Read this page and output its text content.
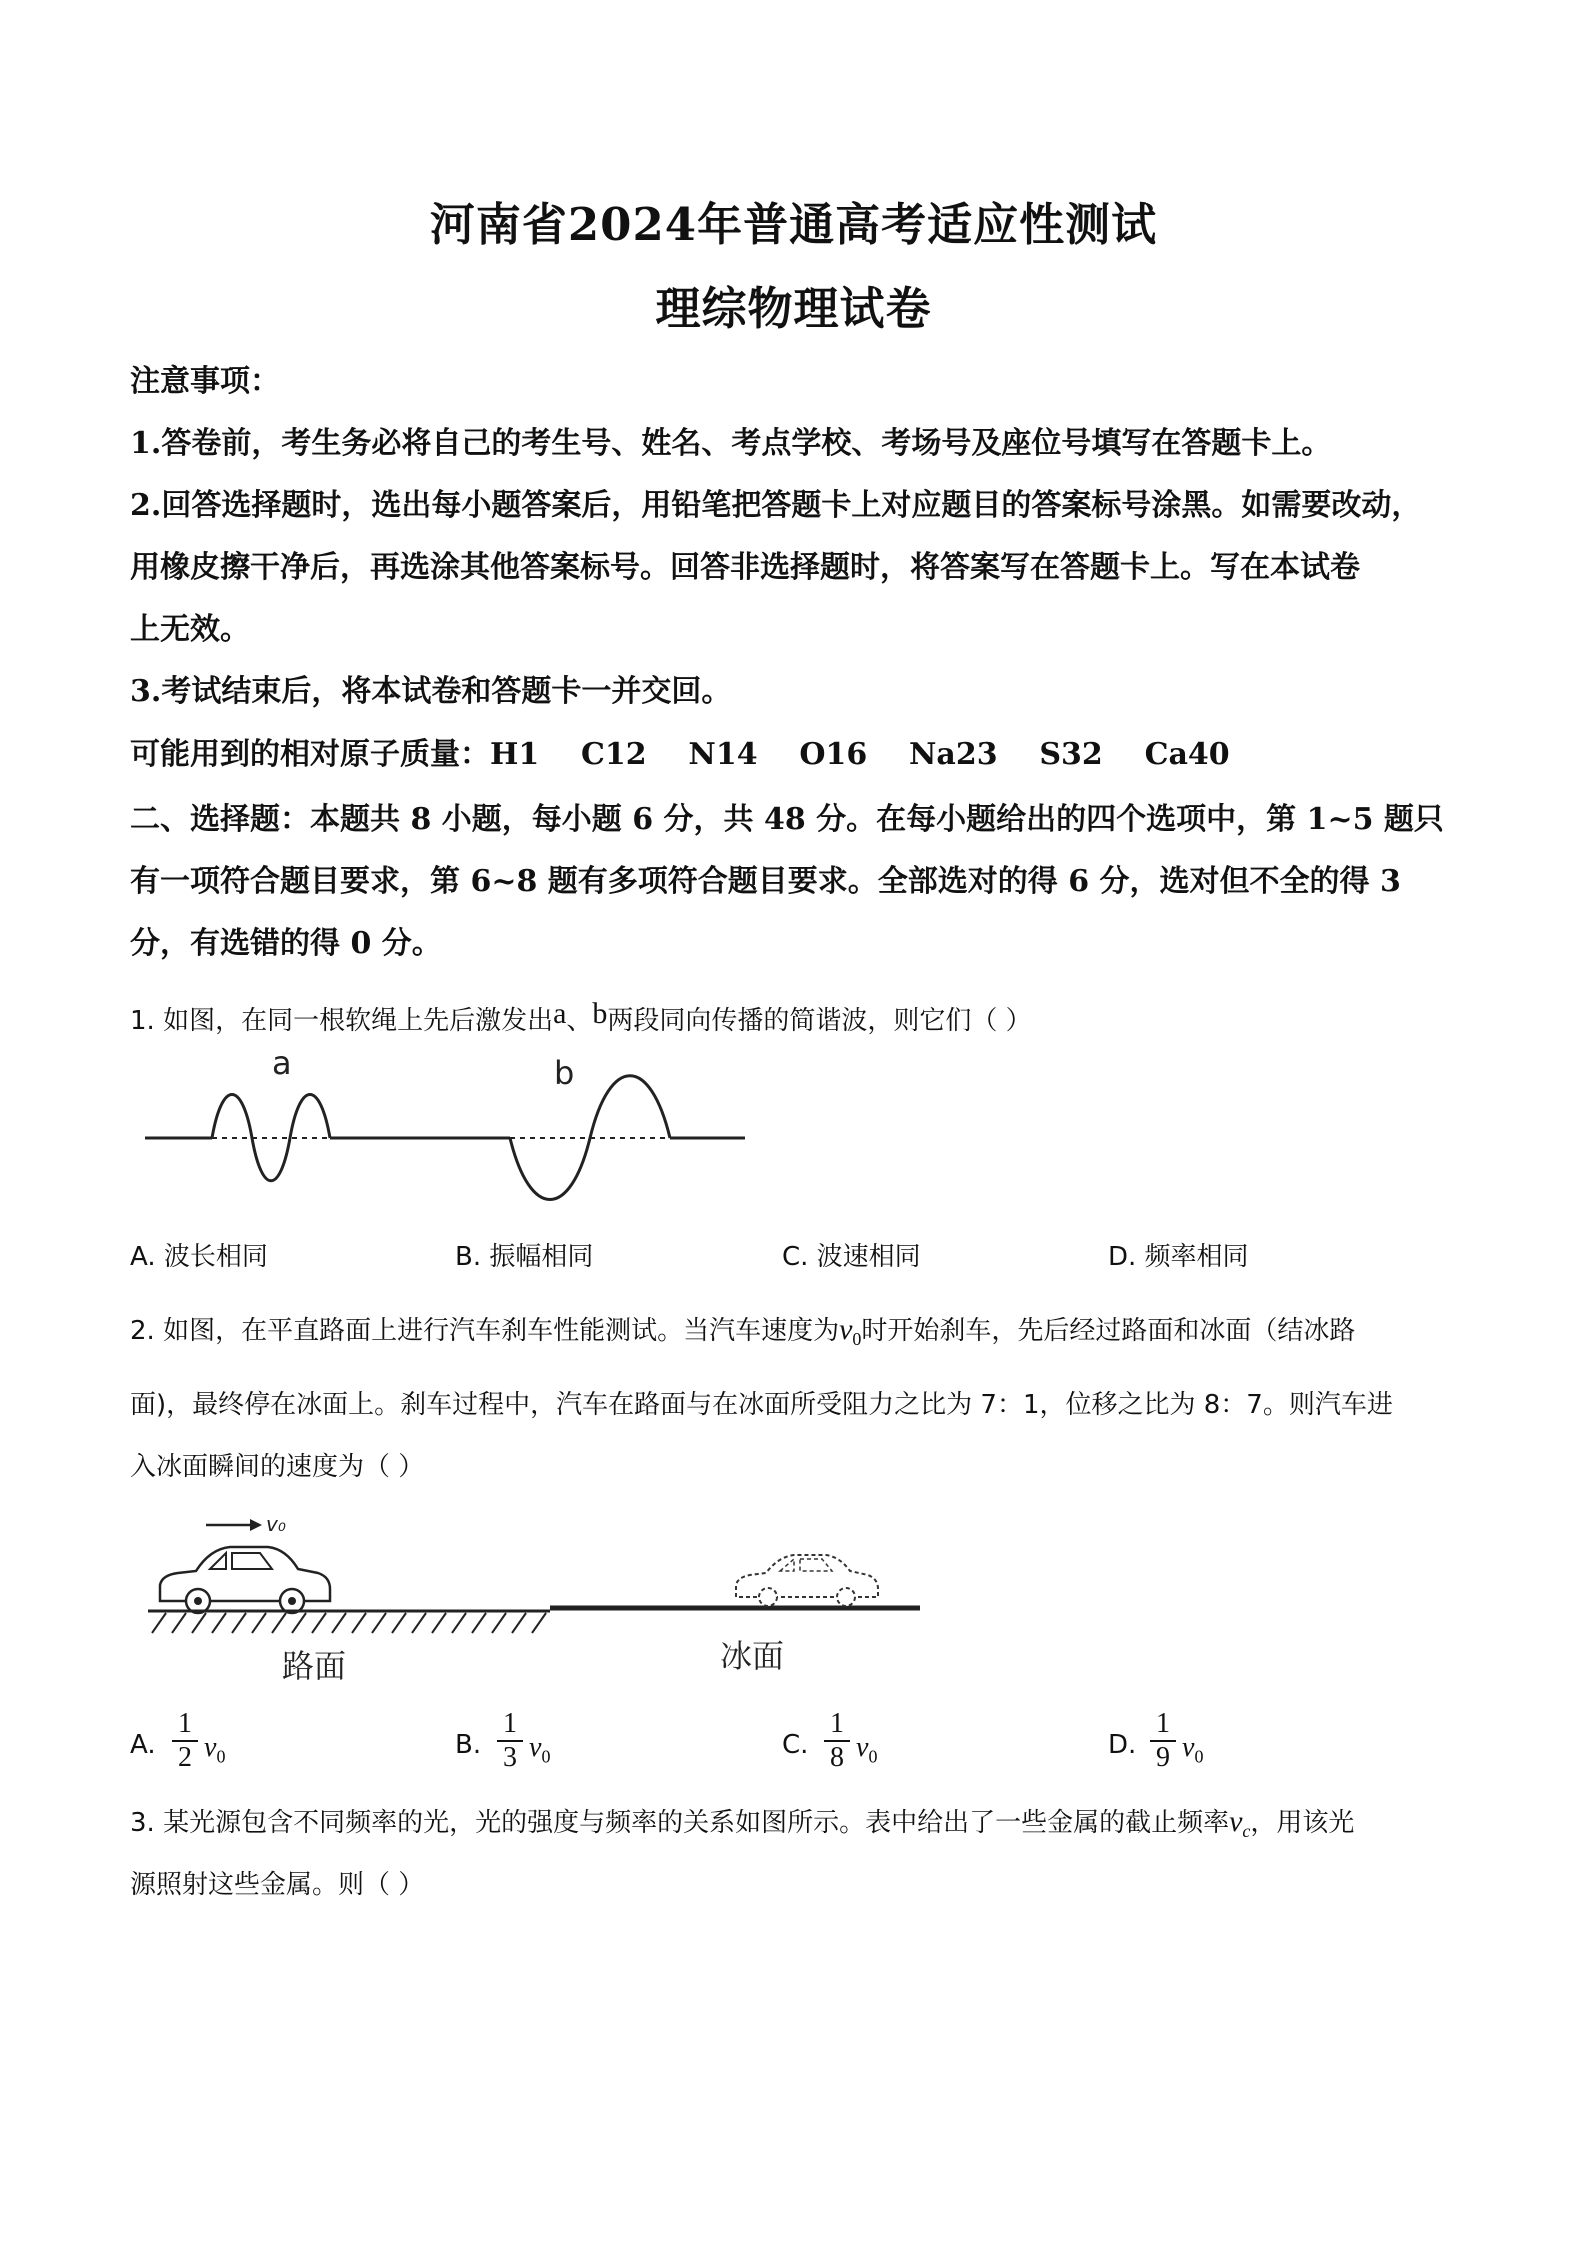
河南省2024年普通高考适应性测试
理综物理试卷
注意事项：
1.答卷前，考生务必将自己的考生号、姓名、考点学校、考场号及座位号填写在答题卡上。
2.回答选择题时，选出每小题答案后，用铅笔把答题卡上对应题目的答案标号涂黑。如需要改动，
用橡皮擦干净后，再选涂其他答案标号。回答非选择题时，将答案写在答题卡上。写在本试卷
上无效。
3.考试结束后，将本试卷和答题卡一并交回。
可能用到的相对原子质量：H1    C12    N14    O16    Na23    S32    Ca40
二、选择题：本题共 8 小题，每小题 6 分，共 48 分。在每小题给出的四个选项中，第 1~5 题只
有一项符合题目要求，第 6~8 题有多项符合题目要求。全部选对的得 6 分，选对但不全的得 3
分，有选错的得 0 分。
1. 如图，在同一根软绳上先后激发出a、b两段同向传播的简谐波，则它们（ ）
a	b
A. 波长相同	B. 振幅相同	C. 波速相同	D. 频率相同
2. 如图，在平直路面上进行汽车刹车性能测试。当汽车速度为$v_0$时开始刹车，先后经过路面和冰面（结冰路
面)，最终停在冰面上。刹车过程中，汽车在路面与在冰面所受阻力之比为 7：1，位移之比为 8：7。则汽车进
入冰面瞬间的速度为（ ）
v₀
路面	冰面
A.
1
2 $v_0$	B.
1
3 $v_0$	C.
1
8 $v_0$	D.
1
9 $v_0$
3. 某光源包含不同频率的光，光的强度与频率的关系如图所示。表中给出了一些金属的截止频率$\nu_c$，用该光
源照射这些金属。则（ ）
